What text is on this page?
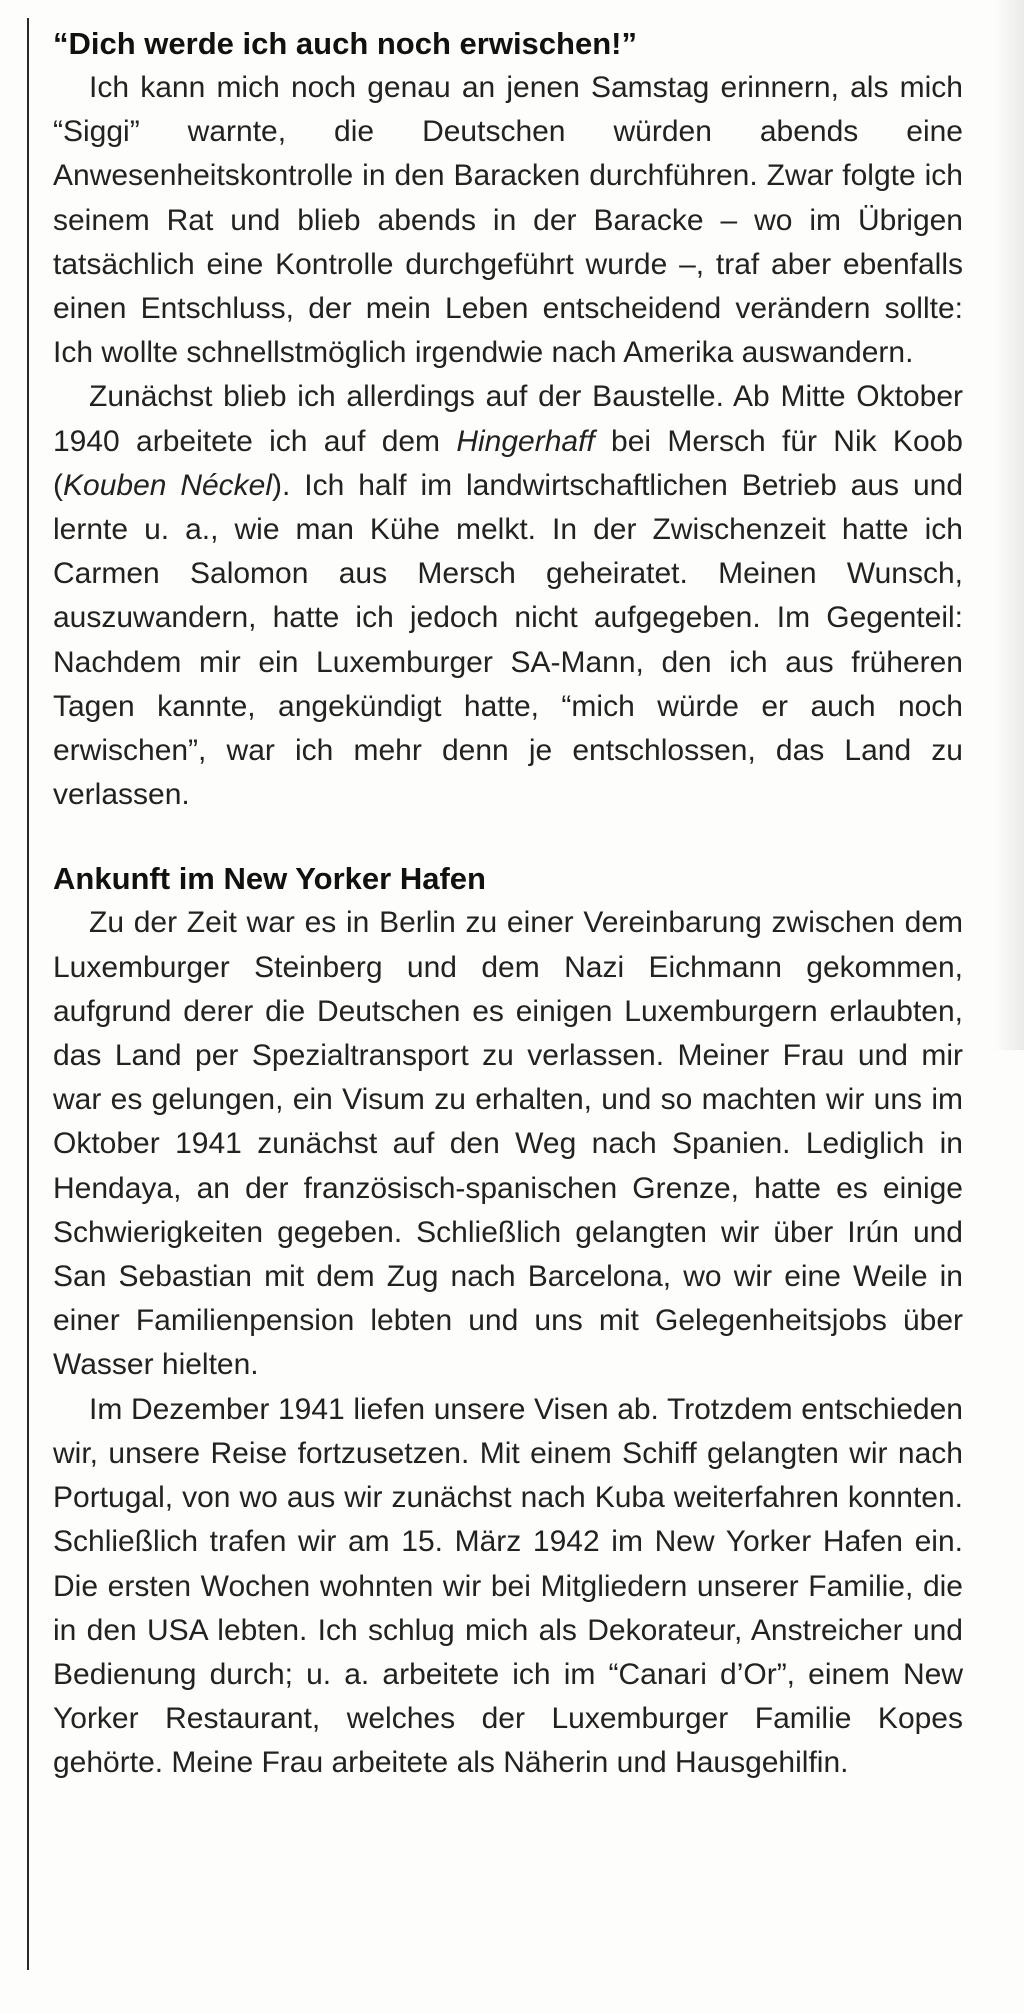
“Dich werde ich auch noch erwischen!”

Ich kann mich noch genau an jenen Samstag erinnern, als mich “Siggi” warnte, die Deutschen würden abends eine Anwesenheitskontrolle in den Baracken durchführen. Zwar folgte ich seinem Rat und blieb abends in der Baracke – wo im Übrigen tatsächlich eine Kontrolle durchgeführt wurde –, traf aber ebenfalls einen Entschluss, der mein Leben entscheidend verändern sollte: Ich wollte schnellstmöglich irgendwie nach Amerika auswandern.

Zunächst blieb ich allerdings auf der Baustelle. Ab Mitte Oktober 1940 arbeitete ich auf dem Hingerhaff bei Mersch für Nik Koob (Kouben Néckel). Ich half im landwirtschaftlichen Betrieb aus und lernte u. a., wie man Kühe melkt. In der Zwischenzeit hatte ich Carmen Salomon aus Mersch geheiratet. Meinen Wunsch, auszuwandern, hatte ich jedoch nicht aufgegeben. Im Gegenteil: Nachdem mir ein Luxemburger SA-Mann, den ich aus früheren Tagen kannte, angekündigt hatte, “mich würde er auch noch erwischen”, war ich mehr denn je entschlossen, das Land zu verlassen.

Ankunft im New Yorker Hafen

Zu der Zeit war es in Berlin zu einer Vereinbarung zwischen dem Luxemburger Steinberg und dem Nazi Eichmann gekommen, aufgrund derer die Deutschen es einigen Luxemburgern erlaubten, das Land per Spezialtransport zu verlassen. Meiner Frau und mir war es gelungen, ein Visum zu erhalten, und so machten wir uns im Oktober 1941 zunächst auf den Weg nach Spanien. Lediglich in Hendaya, an der französisch-spanischen Grenze, hatte es einige Schwierigkeiten gegeben. Schließlich gelangten wir über Irún und San Sebastian mit dem Zug nach Barcelona, wo wir eine Weile in einer Familienpension lebten und uns mit Gelegenheitsjobs über Wasser hielten.

Im Dezember 1941 liefen unsere Visen ab. Trotzdem entschieden wir, unsere Reise fortzusetzen. Mit einem Schiff gelangten wir nach Portugal, von wo aus wir zunächst nach Kuba weiterfahren konnten. Schließlich trafen wir am 15. März 1942 im New Yorker Hafen ein. Die ersten Wochen wohnten wir bei Mitgliedern unserer Familie, die in den USA lebten. Ich schlug mich als Dekorateur, Anstreicher und Bedienung durch; u. a. arbeitete ich im “Canari d’Or”, einem New Yorker Restaurant, welches der Luxemburger Familie Kopes gehörte. Meine Frau arbeitete als Näherin und Hausgehilfin.
